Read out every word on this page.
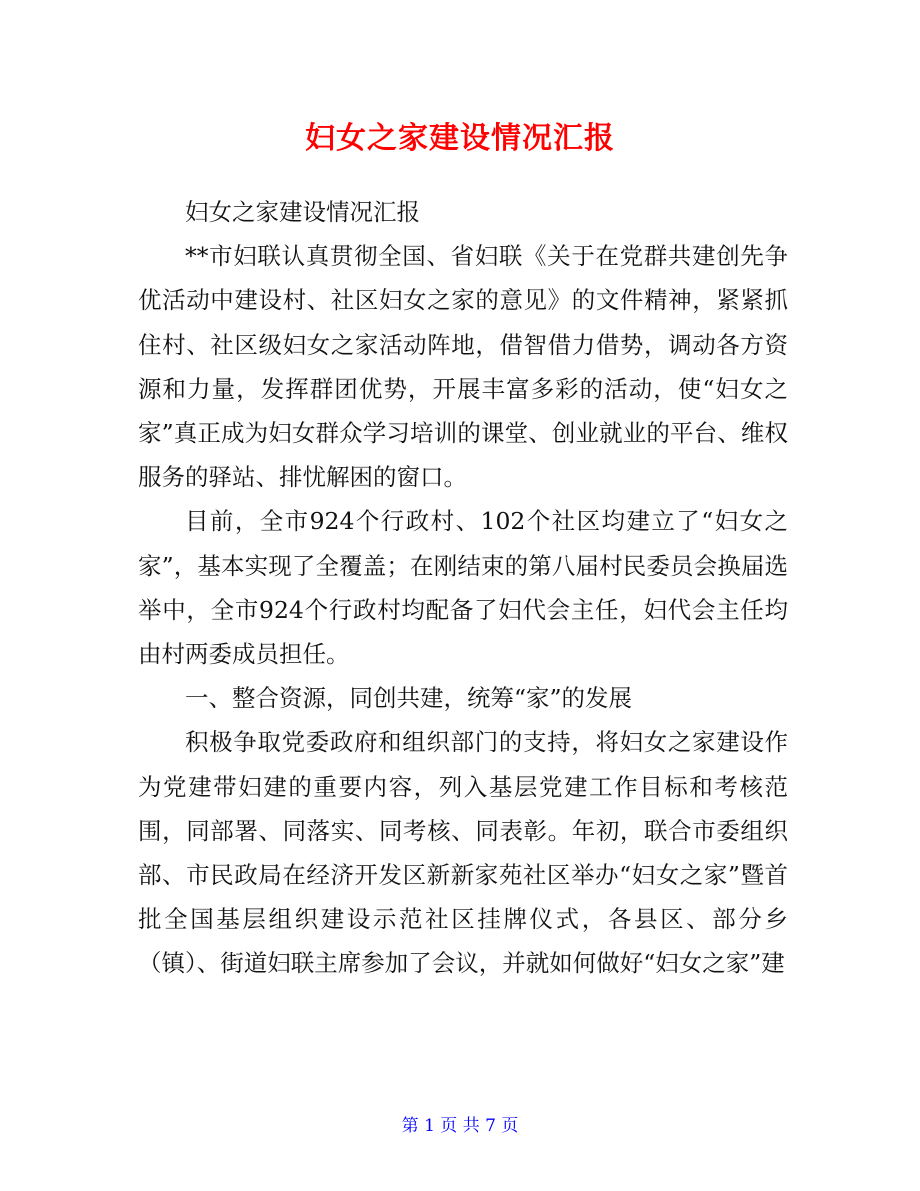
妇女之家建设情况汇报

妇女之家建设情况汇报

**市妇联认真贯彻全国、省妇联《关于在党群共建创先争优活动中建设村、社区妇女之家的意见》的文件精神，紧紧抓住村、社区级妇女之家活动阵地，借智借力借势，调动各方资源和力量，发挥群团优势，开展丰富多彩的活动，使“妇女之家”真正成为妇女群众学习培训的课堂、创业就业的平台、维权服务的驿站、排忧解困的窗口。

目前，全市924个行政村、102个社区均建立了“妇女之家”，基本实现了全覆盖；在刚结束的第八届村民委员会换届选举中，全市924个行政村均配备了妇代会主任，妇代会主任均由村两委成员担任。

一、整合资源，同创共建，统筹“家”的发展

积极争取党委政府和组织部门的支持，将妇女之家建设作为党建带妇建的重要内容，列入基层党建工作目标和考核范围，同部署、同落实、同考核、同表彰。年初，联合市委组织部、市民政局在经济开发区新新家苑社区举办“妇女之家”暨首批全国基层组织建设示范社区挂牌仪式，各县区、部分乡（镇）、街道妇联主席参加了会议，并就如何做好“妇女之家”建

第 1 页 共 7 页
